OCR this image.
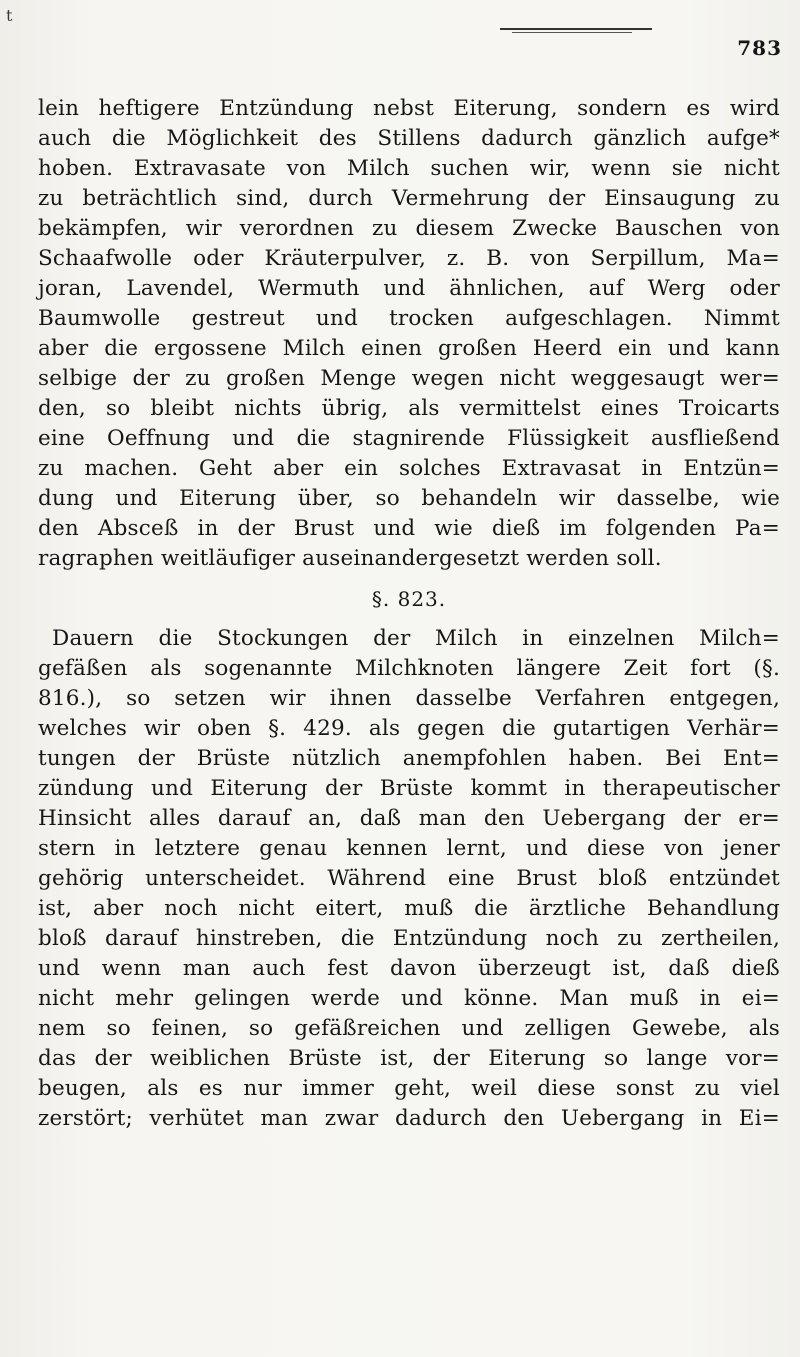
t
783
lein heftigere Entzündung nebst Eiterung, sondern es wird
auch die Möglichkeit des Stillens dadurch gänzlich aufge*
hoben. Extravasate von Milch suchen wir, wenn sie nicht
zu beträchtlich sind, durch Vermehrung der Einsaugung zu
bekämpfen, wir verordnen zu diesem Zwecke Bauschen von
Schaafwolle oder Kräuterpulver, z. B. von Serpillum, Ma=
joran, Lavendel, Wermuth und ähnlichen, auf Werg oder
Baumwolle gestreut und trocken aufgeschlagen. Nimmt
aber die ergossene Milch einen großen Heerd ein und kann
selbige der zu großen Menge wegen nicht weggesaugt wer=
den, so bleibt nichts übrig, als vermittelst eines Troicarts
eine Oeffnung und die stagnirende Flüssigkeit ausfließend
zu machen. Geht aber ein solches Extravasat in Entzün=
dung und Eiterung über, so behandeln wir dasselbe, wie
den Absceß in der Brust und wie dieß im folgenden Pa=
ragraphen weitläufiger auseinandergesetzt werden soll.
§. 823.
Dauern die Stockungen der Milch in einzelnen Milch=
gefäßen als sogenannte Milchknoten längere Zeit fort (§.
816.), so setzen wir ihnen dasselbe Verfahren entgegen,
welches wir oben §. 429. als gegen die gutartigen Verhär=
tungen der Brüste nützlich anempfohlen haben. Bei Ent=
zündung und Eiterung der Brüste kommt in therapeutischer
Hinsicht alles darauf an, daß man den Uebergang der er=
stern in letztere genau kennen lernt, und diese von jener
gehörig unterscheidet. Während eine Brust bloß entzündet
ist, aber noch nicht eitert, muß die ärztliche Behandlung
bloß darauf hinstreben, die Entzündung noch zu zertheilen,
und wenn man auch fest davon überzeugt ist, daß dieß
nicht mehr gelingen werde und könne. Man muß in ei=
nem so feinen, so gefäßreichen und zelligen Gewebe, als
das der weiblichen Brüste ist, der Eiterung so lange vor=
beugen, als es nur immer geht, weil diese sonst zu viel
zerstört; verhütet man zwar dadurch den Uebergang in Ei=
